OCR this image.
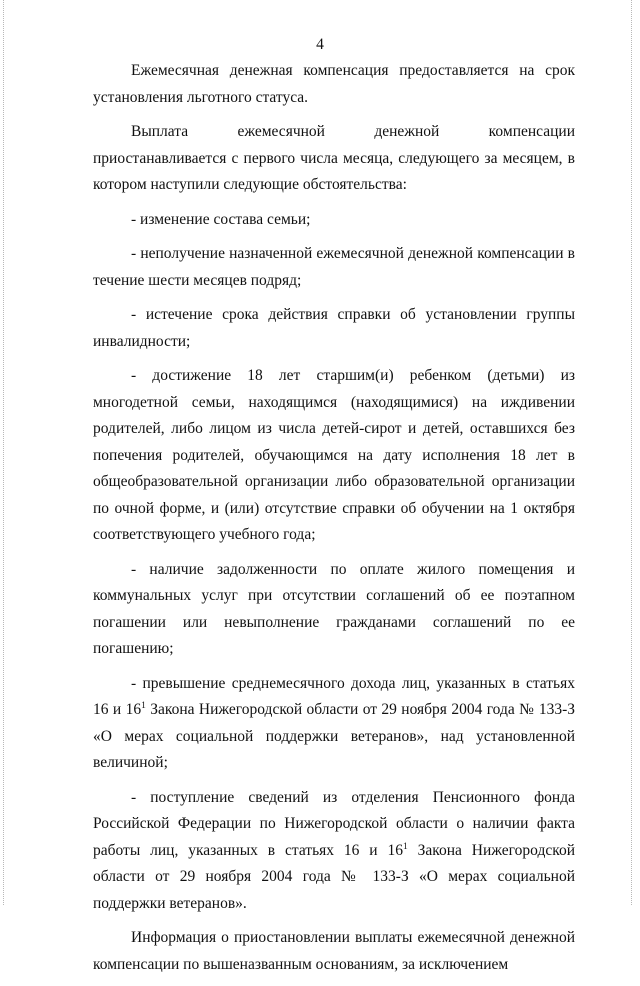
4

Ежемесячная денежная компенсация предоставляется на срок установления льготного статуса.

Выплата ежемесячной денежной компенсации приостанавливается с первого числа месяца, следующего за месяцем, в котором наступили следующие обстоятельства:

- изменение состава семьи;

- неполучение назначенной ежемесячной денежной компенсации в течение шести месяцев подряд;

- истечение срока действия справки об установлении группы инвалидности;

- достижение 18 лет старшим(и) ребенком (детьми) из многодетной семьи, находящимся (находящимися) на иждивении родителей, либо лицом из числа детей-сирот и детей, оставшихся без попечения родителей, обучающимся на дату исполнения 18 лет в общеобразовательной организации либо образовательной организации по очной форме, и (или) отсутствие справки об обучении на 1 октября соответствующего учебного года;

- наличие задолженности по оплате жилого помещения и коммунальных услуг при отсутствии соглашений об ее поэтапном погашении или невыполнение гражданами соглашений по ее погашению;

- превышение среднемесячного дохода лиц, указанных в статьях 16 и $16^1$ Закона Нижегородской области от 29 ноября 2004 года № 133-З «О мерах социальной поддержки ветеранов», над установленной величиной;

- поступление сведений из отделения Пенсионного фонда Российской Федерации по Нижегородской области о наличии факта работы лиц, указанных в статьях 16 и $16^1$ Закона Нижегородской области от 29 ноября 2004 года № 133-З «О мерах социальной поддержки ветеранов».

Информация о приостановлении выплаты ежемесячной денежной компенсации по вышеназванным основаниям, за исключением
